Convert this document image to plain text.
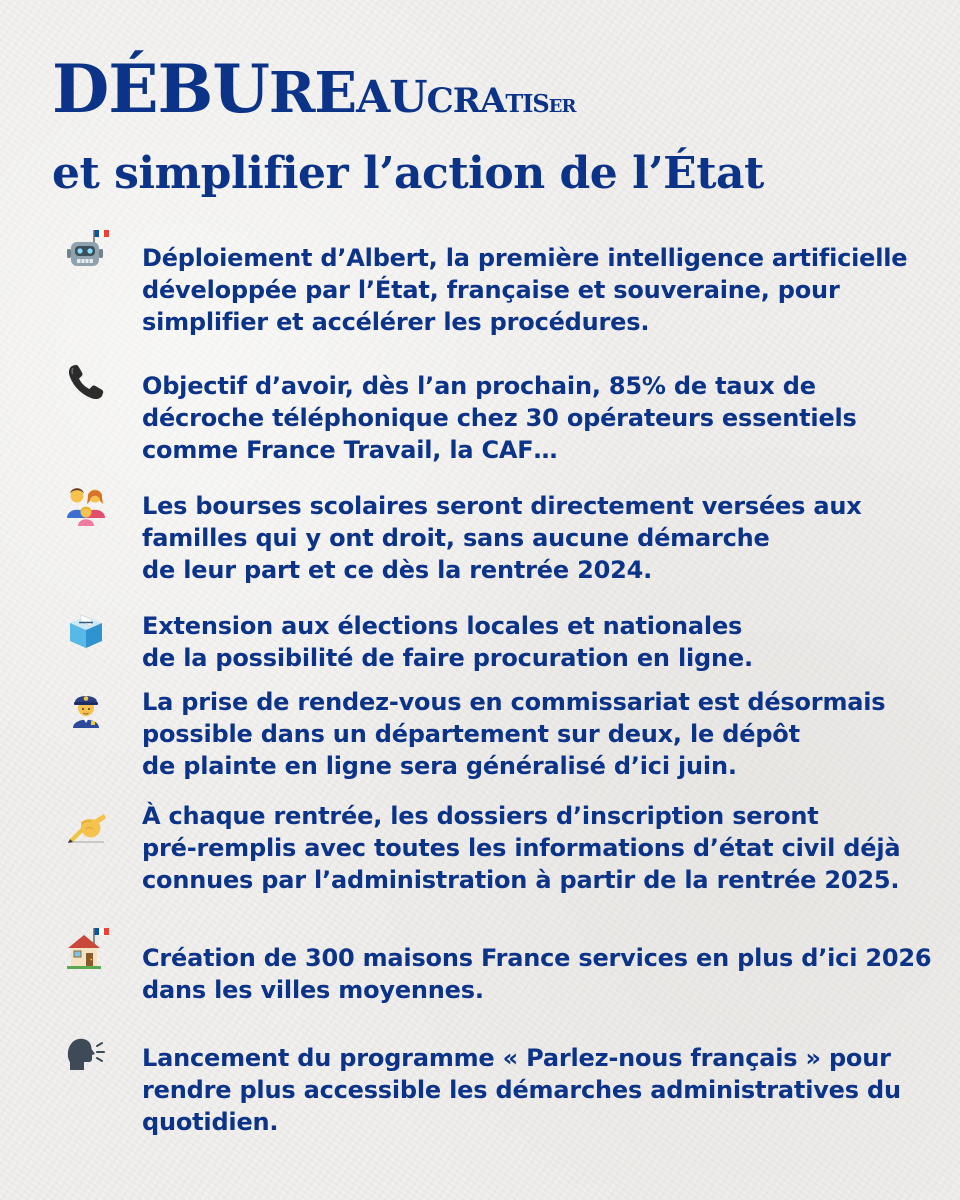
DÉBUREAUCRATISER
et simplifier l’action de l’État
Déploiement d’Albert, la première intelligence artificielle
développée par l’État, française et souveraine, pour
simplifier et accélérer les procédures.
Objectif d’avoir, dès l’an prochain, 85% de taux de
décroche téléphonique chez 30 opérateurs essentiels
comme France Travail, la CAF…
Les bourses scolaires seront directement versées aux
familles qui y ont droit, sans aucune démarche
de leur part et ce dès la rentrée 2024.
Extension aux élections locales et nationales
de la possibilité de faire procuration en ligne.
La prise de rendez-vous en commissariat est désormais
possible dans un département sur deux, le dépôt
de plainte en ligne sera généralisé d’ici juin.
À chaque rentrée, les dossiers d’inscription seront
pré-remplis avec toutes les informations d’état civil déjà
connues par l’administration à partir de la rentrée 2025.
Création de 300 maisons France services en plus d’ici 2026
dans les villes moyennes.
Lancement du programme « Parlez-nous français » pour
rendre plus accessible les démarches administratives du
quotidien.
